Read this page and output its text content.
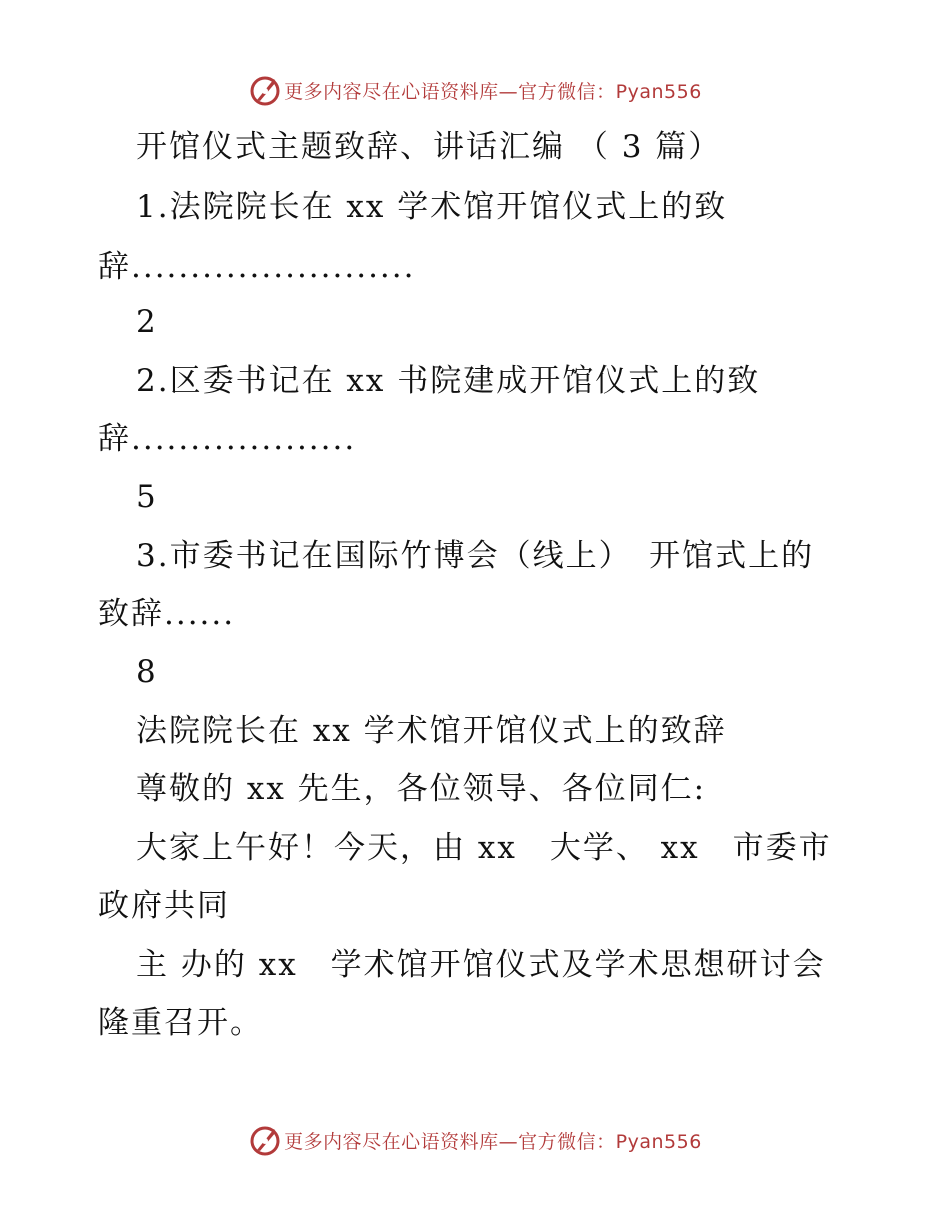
更多内容尽在心语资料库—官方微信：Pyan556
开馆仪式主题致辞、讲话汇编 （ 3 篇）
1.法院院长在 xx 学术馆开馆仪式上的致
辞........................
2
2.区委书记在 xx 书院建成开馆仪式上的致
辞...................
5
3.市委书记在国际竹博会（线上）　开馆式上的
致辞......
8
法院院长在 xx 学术馆开馆仪式上的致辞
尊敬的 xx 先生，各位领导、各位同仁:
大家上午好！今天，由 xx　大学、 xx　市委市
政府共同
主 办的 xx　学术馆开馆仪式及学术思想研讨会
隆重召开。
更多内容尽在心语资料库—官方微信：Pyan556
